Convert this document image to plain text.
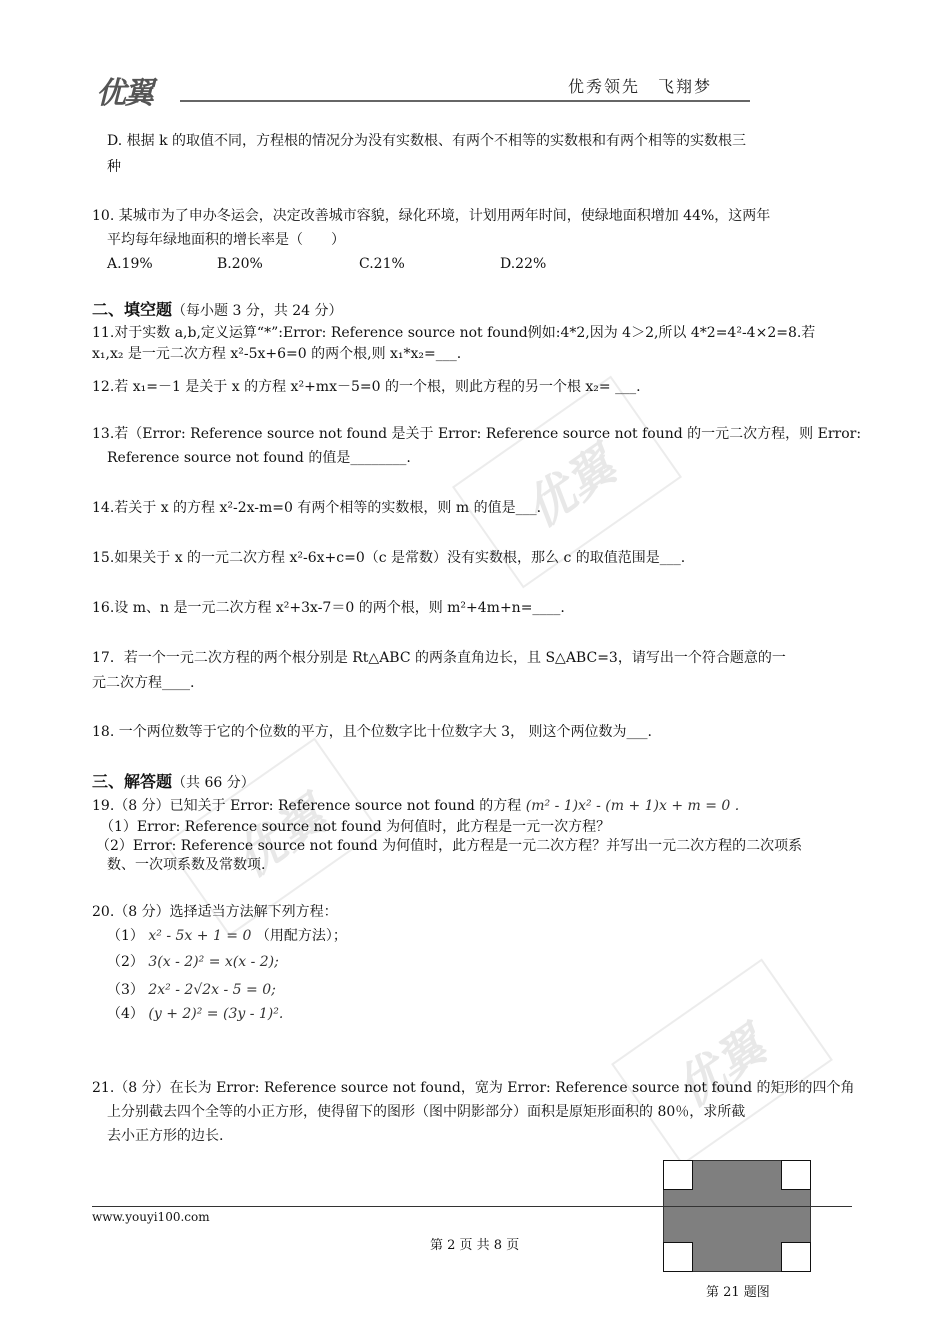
优翼
优翼
优翼
优翼	优秀领先　飞翔梦
D. 根据 k 的取值不同，方程根的情况分为没有实数根、有两个不相等的实数根和有两个相等的实数根三
种
10. 某城市为了申办冬运会，决定改善城市容貌，绿化环境，计划用两年时间，使绿地面积增加 44%，这两年
平均每年绿地面积的增长率是（　　）
A.19%	B.20%	C.21%	D.22%
二、填空题（每小题 3 分，共 24 分）
11.对于实数 a,b,定义运算“*”:Error: Reference source not found例如:4*2,因为 4＞2,所以 4*2=4²-4×2=8.若
x₁,x₂ 是一元二次方程 x²-5x+6=0 的两个根,则 x₁*x₂=___.
12.若 x₁=－1 是关于 x 的方程 x²+mx－5=0 的一个根，则此方程的另一个根 x₂= ___.
13.若（Error: Reference source not found 是关于 Error: Reference source not found 的一元二次方程，则 Error:
Reference source not found 的值是________.
14.若关于 x 的方程 x²-2x-m=0 有两个相等的实数根，则 m 的值是___.
15.如果关于 x 的一元二次方程 x²-6x+c=0（c 是常数）没有实数根，那么 c 的取值范围是___.
16.设 m、n 是一元二次方程 x²+3x-7＝0 的两个根，则 m²+4m+n=____.
17．若一个一元二次方程的两个根分别是 Rt△ABC 的两条直角边长，且 S△ABC=3，请写出一个符合题意的一
元二次方程____.
18. 一个两位数等于它的个位数的平方，且个位数字比十位数字大 3， 则这个两位数为___.
三、解答题（共 66 分）
19.（8 分）已知关于 Error: Reference source not found 的方程 (m² - 1)x² - (m + 1)x + m = 0 .
（1）Error: Reference source not found 为何值时，此方程是一元一次方程？
（2）Error: Reference source not found 为何值时，此方程是一元二次方程？并写出一元二次方程的二次项系
数、一次项系数及常数项.
20.（8 分）选择适当方法解下列方程：
（1） x² - 5x + 1 = 0 （用配方法）；
（2） 3(x - 2)² = x(x - 2);
（3） 2x² - 2√2x - 5 = 0;
（4） (y + 2)² = (3y - 1)².
21.（8 分）在长为 Error: Reference source not found，宽为 Error: Reference source not found 的矩形的四个角
上分别截去四个全等的小正方形，使得留下的图形（图中阴影部分）面积是原矩形面积的 80％，求所截
去小正方形的边长.
第 21 题图
www.youyi100.com
第 2 页 共 8 页
